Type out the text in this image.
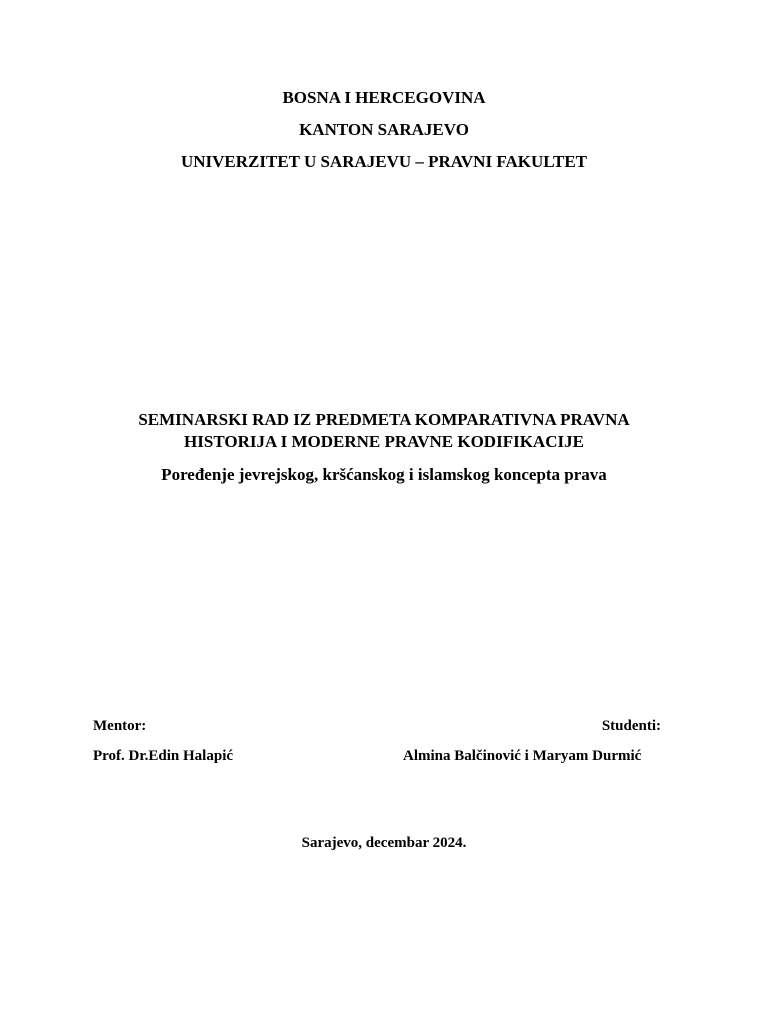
BOSNA I HERCEGOVINA
KANTON SARAJEVO
UNIVERZITET U SARAJEVU – PRAVNI FAKULTET
SEMINARSKI RAD IZ PREDMETA KOMPARATIVNA PRAVNA
HISTORIJA I MODERNE PRAVNE KODIFIKACIJE
Poređenje jevrejskog, kršćanskog i islamskog koncepta prava
Mentor:	Studenti:
Prof. Dr.Edin Halapić	Almina Balčinović i Maryam Durmić
Sarajevo, decembar 2024.
